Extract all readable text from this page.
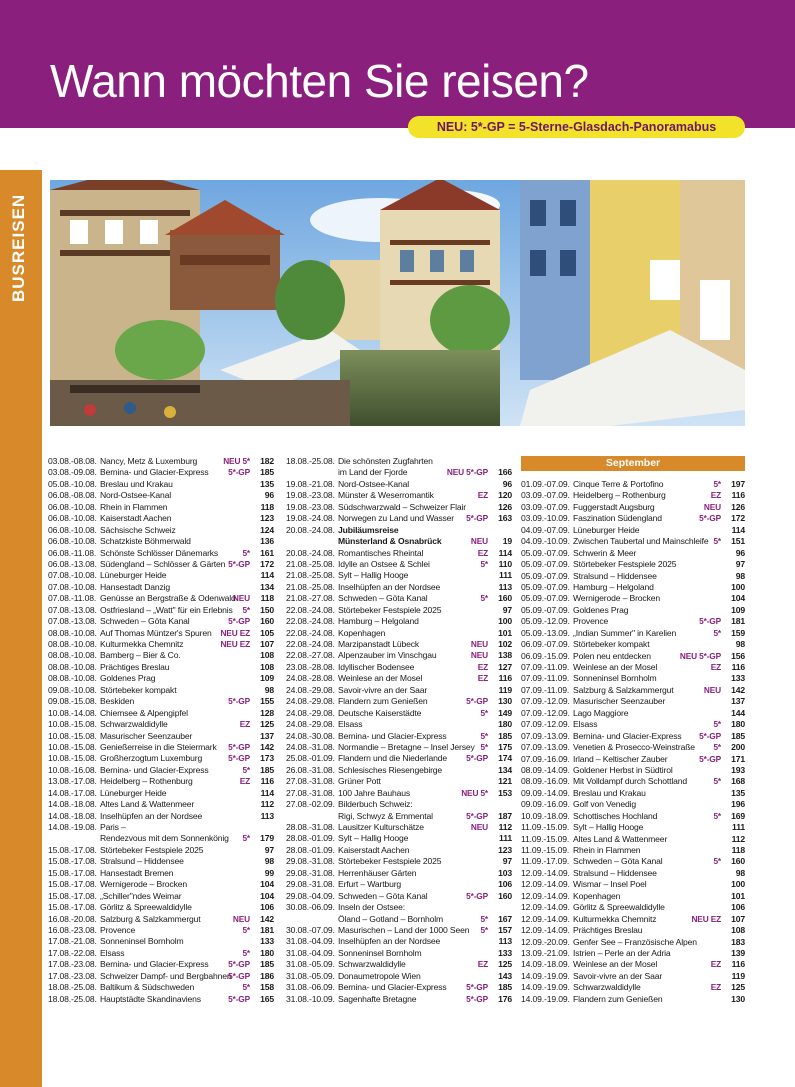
Wann möchten Sie reisen?
NEU: 5*-GP = 5-Sterne-Glasdach-Panoramabus
BUSREISEN
03.08.-08.08. Nancy, Metz & Luxemburg	NEU 5*	182
03.08.-09.08. Bernina- und Glacier-Express 5*-GP	185
05.08.-10.08. Breslau und Krakau	135
06.08.-08.08. Nord-Ostsee-Kanal	96
06.08.-10.08. Rhein in Flammen	118
06.08.-10.08. Kaiserstadt Aachen	123
06.08.-10.08. Sächsische Schweiz	124
06.08.-10.08. Schatzkiste Böhmerwald	136
06.08.-11.08. Schönste Schlösser Dänemarks	5*	161
06.08.-13.08. Südengland – Schlösser & Gärten 5*-GP	172
07.08.-10.08. Lüneburger Heide	114
07.08.-10.08. Hansestadt Danzig	134
07.08.-11.08. Genüsse an Bergstraße & Odenwald
NEU	118
07.08.-13.08. Ostfriesland – „Watt" für ein Erlebnis 5*	150
07.08.-13.08. Schweden – Göta Kanal	5*-GP	160
08.08.-10.08. Auf Thomas Müntzer's Spuren NEU EZ	105
08.08.-10.08. Kulturmekka Chemnitz	NEU EZ	107
08.08.-10.08. Bamberg – Bier & Co.	108
08.08.-10.08. Prächtiges Breslau	108
08.08.-10.08. Goldenes Prag	109
09.08.-10.08. Störtebeker kompakt	98
09.08.-15.08. Beskiden	5*-GP	155
10.08.-14.08. Chiemsee & Alpengipfel	128
10.08.-15.08. Schwarzwaldidylle	EZ	125
10.08.-15.08. Masurischer Seenzauber	137
10.08.-15.08. Genießerreise in die Steiermark 5*-GP	142
10.08.-15.08. Großherzogtum Luxemburg	5*-GP	173
10.08.-16.08. Bernina- und Glacier-Express	5*	185
13.08.-17.08. Heidelberg – Rothenburg	EZ	116
14.08.-17.08. Lüneburger Heide	114
14.08.-18.08. Altes Land & Wattenmeer	112
14.08.-18.08. Inselhüpfen an der Nordsee	113
14.08.-19.08. Paris –
Rendezvous mit dem Sonnenkönig 5*	179
15.08.-17.08. Störtebeker Festspiele 2025	97
15.08.-17.08. Stralsund – Hiddensee	98
15.08.-17.08. Hansestadt Bremen	99
15.08.-17.08. Wernigerode – Brocken	104
15.08.-17.08. „Schiller"ndes Weimar	104
15.08.-17.08. Görlitz & Spreewaldidylle	106
16.08.-20.08. Salzburg & Salzkammergut	NEU	142
16.08.-23.08. Provence	5*	181
17.08.-21.08. Sonneninsel Bornholm	133
17.08.-22.08. Elsass	5*	180
17.08.-23.08. Bernina- und Glacier-Express 5*-GP	185
17.08.-23.08. Schweizer Dampf- und Bergbahnen
5*-GP	186
18.08.-25.08. Baltikum & Südschweden	5*	158
18.08.-25.08. Hauptstädte Skandinaviens	5*-GP	165
18.08.-25.08. Die schönsten Zugfahrten
im Land der Fjorde	NEU 5*-GP	166
19.08.-21.08. Nord-Ostsee-Kanal	96
19.08.-23.08. Münster & Weserromantik	EZ	120
19.08.-23.08. Südschwarzwald – Schweizer Flair	126
19.08.-24.08. Norwegen zu Land und Wasser 5*-GP	163
20.08.-24.08. Jubiläumsreise
Münsterland & Osnabrück	NEU	19
20.08.-24.08. Romantisches Rheintal	EZ	114
21.08.-25.08. Idylle an Ostsee & Schlei	5*	110
21.08.-25.08. Sylt – Hallig Hooge	111
21.08.-25.08. Inselhüpfen an der Nordsee	113
21.08.-27.08. Schweden – Göta Kanal	5*	160
22.08.-24.08. Störtebeker Festspiele 2025	97
22.08.-24.08. Hamburg – Helgoland	100
22.08.-24.08. Kopenhagen	101
22.08.-24.08. Marzipanstadt Lübeck	NEU	102
22.08.-27.08. Alpenzauber im Vinschgau	NEU	138
23.08.-28.08. Idyllischer Bodensee	EZ	127
24.08.-28.08. Weinlese an der Mosel	EZ	116
24.08.-29.08. Savoir-vivre an der Saar	119
24.08.-29.08. Flandern zum Genießen	5*-GP	130
24.08.-29.08. Deutsche Kaiserstädte	5*	149
24.08.-29.08. Elsass	180
24.08.-30.08. Bernina- und Glacier-Express	5*	185
24.08.-31.08. Normandie – Bretagne – Insel Jersey 5*	175
25.08.-01.09. Flandern und die Niederlande 5*-GP	174
26.08.-31.08. Schlesisches Riesengebirge	134
27.08.-31.08. Grüner Pott	121
27.08.-31.08. 100 Jahre Bauhaus	NEU 5*	153
27.08.-02.09. Bilderbuch Schweiz:
Rigi, Schwyz & Emmental	5*-GP	187
28.08.-31.08. Lausitzer Kulturschätze	NEU	112
28.08.-01.09. Sylt – Hallig Hooge	111
28.08.-01.09. Kaiserstadt Aachen	123
29.08.-31.08. Störtebeker Festspiele 2025	97
29.08.-31.08. Herrenhäuser Gärten	103
29.08.-31.08. Erfurt – Wartburg	106
29.08.-04.09. Schweden – Göta Kanal	5*-GP	160
30.08.-06.09. Inseln der Ostsee:
Öland – Gotland – Bornholm	5*	167
30.08.-07.09. Masurischen – Land der 1000 Seen 5*	157
31.08.-04.09. Inselhüpfen an der Nordsee	113
31.08.-04.09. Sonneninsel Bornholm	133
31.08.-05.09. Schwarzwaldidylle	EZ	125
31.08.-05.09. Donaumetropole Wien	143
31.08.-06.09. Bernina- und Glacier-Express 5*-GP	185
31.08.-10.09. Sagenhafte Bretagne	5*-GP	176
September
01.09.-07.09. Cinque Terre & Portofino	5*	197
03.09.-07.09. Heidelberg – Rothenburg	EZ	116
03.09.-07.09. Fuggerstadt Augsburg	NEU	126
03.09.-10.09. Faszination Südengland	5*-GP	172
04.09.-07.09. Lüneburger Heide	114
04.09.-10.09. Zwischen Taubertal und Mainschleife 5*	151
05.09.-07.09. Schwerin & Meer	96
05.09.-07.09. Störtebeker Festspiele 2025	97
05.09.-07.09. Stralsund – Hiddensee	98
05.09.-07.09. Hamburg – Helgoland	100
05.09.-07.09. Wernigerode – Brocken	104
05.09.-07.09. Goldenes Prag	109
05.09.-12.09. Provence	5*-GP	181
05.09.-13.09. „Indian Summer" in Karelien	5*	159
06.09.-07.09. Störtebeker kompakt	98
06.09.-15.09. Polen neu entdecken	NEU 5*-GP	156
07.09.-11.09. Weinlese an der Mosel	EZ	116
07.09.-11.09. Sonneninsel Bornholm	133
07.09.-11.09. Salzburg & Salzkammergut	NEU	142
07.09.-12.09. Masurischer Seenzauber	137
07.09.-12.09. Lago Maggiore	144
07.09.-12.09. Elsass	5*	180
07.09.-13.09. Bernina- und Glacier-Express 5*-GP	185
07.09.-13.09. Venetien & Prosecco-Weinstraße 5*	200
07.09.-16.09. Irland – Keltischer Zauber	5*-GP	171
08.09.-14.09. Goldener Herbst in Südtirol	193
08.09.-16.09. Mit Volldampf durch Schottland	5*	168
09.09.-14.09. Breslau und Krakau	135
09.09.-16.09. Golf von Venedig	196
10.09.-18.09. Schottisches Hochland	5*	169
11.09.-15.09. Sylt – Hallig Hooge	111
11.09.-15.09. Altes Land & Wattenmeer	112
11.09.-15.09. Rhein in Flammen	118
11.09.-17.09. Schweden – Göta Kanal	5*	160
12.09.-14.09. Stralsund – Hiddensee	98
12.09.-14.09. Wismar – Insel Poel	100
12.09.-14.09. Kopenhagen	101
12.09.-14.09. Görlitz & Spreewaldidylle	106
12.09.-14.09. Kulturmekka Chemnitz	NEU EZ	107
12.09.-14.09. Prächtiges Breslau	108
12.09.-20.09. Genfer See – Französische Alpen	183
13.09.-21.09. Istrien – Perle an der Adria	139
14.09.-18.09. Weinlese an der Mosel	EZ	116
14.09.-19.09. Savoir-vivre an der Saar	119
14.09.-19.09. Schwarzwaldidylle	EZ	125
14.09.-19.09. Flandern zum Genießen	130
